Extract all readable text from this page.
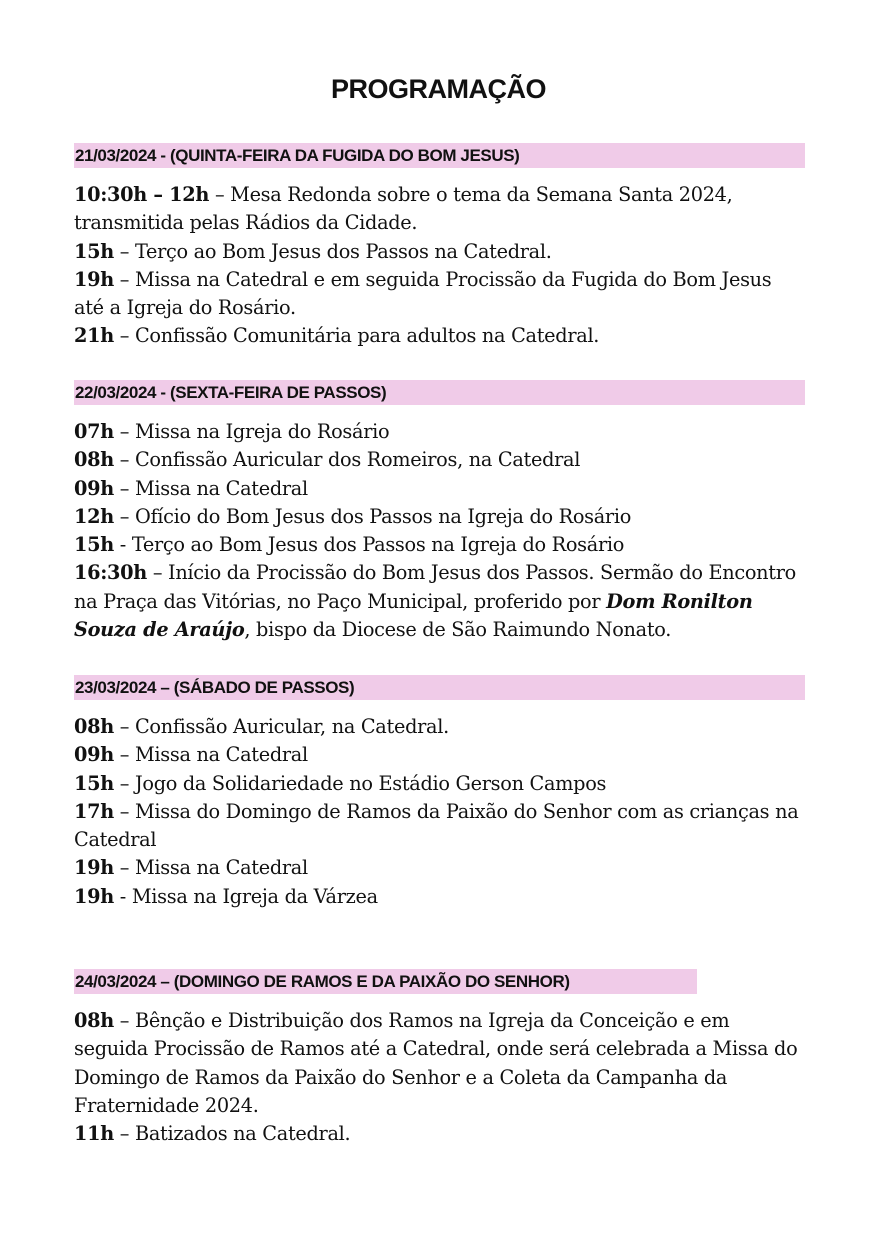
PROGRAMAÇÃO
21/03/2024 - (QUINTA-FEIRA DA FUGIDA DO BOM JESUS)

10:30h – 12h – Mesa Redonda sobre o tema da Semana Santa 2024, transmitida pelas Rádios da Cidade.

15h – Terço ao Bom Jesus dos Passos na Catedral.

19h – Missa na Catedral e em seguida Procissão da Fugida do Bom Jesus até a Igreja do Rosário.

21h – Confissão Comunitária para adultos na Catedral.

22/03/2024 - (SEXTA-FEIRA DE PASSOS)

07h – Missa na Igreja do Rosário

08h – Confissão Auricular dos Romeiros, na Catedral

09h – Missa na Catedral

12h – Ofício do Bom Jesus dos Passos na Igreja do Rosário

15h - Terço ao Bom Jesus dos Passos na Igreja do Rosário

16:30h – Início da Procissão do Bom Jesus dos Passos. Sermão do Encontro na Praça das Vitórias, no Paço Municipal, proferido por Dom Ronilton Souza de Araújo, bispo da Diocese de São Raimundo Nonato.

23/03/2024 – (SÁBADO DE PASSOS)

08h – Confissão Auricular, na Catedral.

09h – Missa na Catedral

15h – Jogo da Solidariedade no Estádio Gerson Campos

17h – Missa do Domingo de Ramos da Paixão do Senhor com as crianças na Catedral

19h – Missa na Catedral

19h - Missa na Igreja da Várzea

24/03/2024 – (DOMINGO DE RAMOS E DA PAIXÃO DO SENHOR)

08h – Bênção e Distribuição dos Ramos na Igreja da Conceição e em seguida Procissão de Ramos até a Catedral, onde será celebrada a Missa do Domingo de Ramos da Paixão do Senhor e a Coleta da Campanha da Fraternidade 2024.

11h – Batizados na Catedral.
